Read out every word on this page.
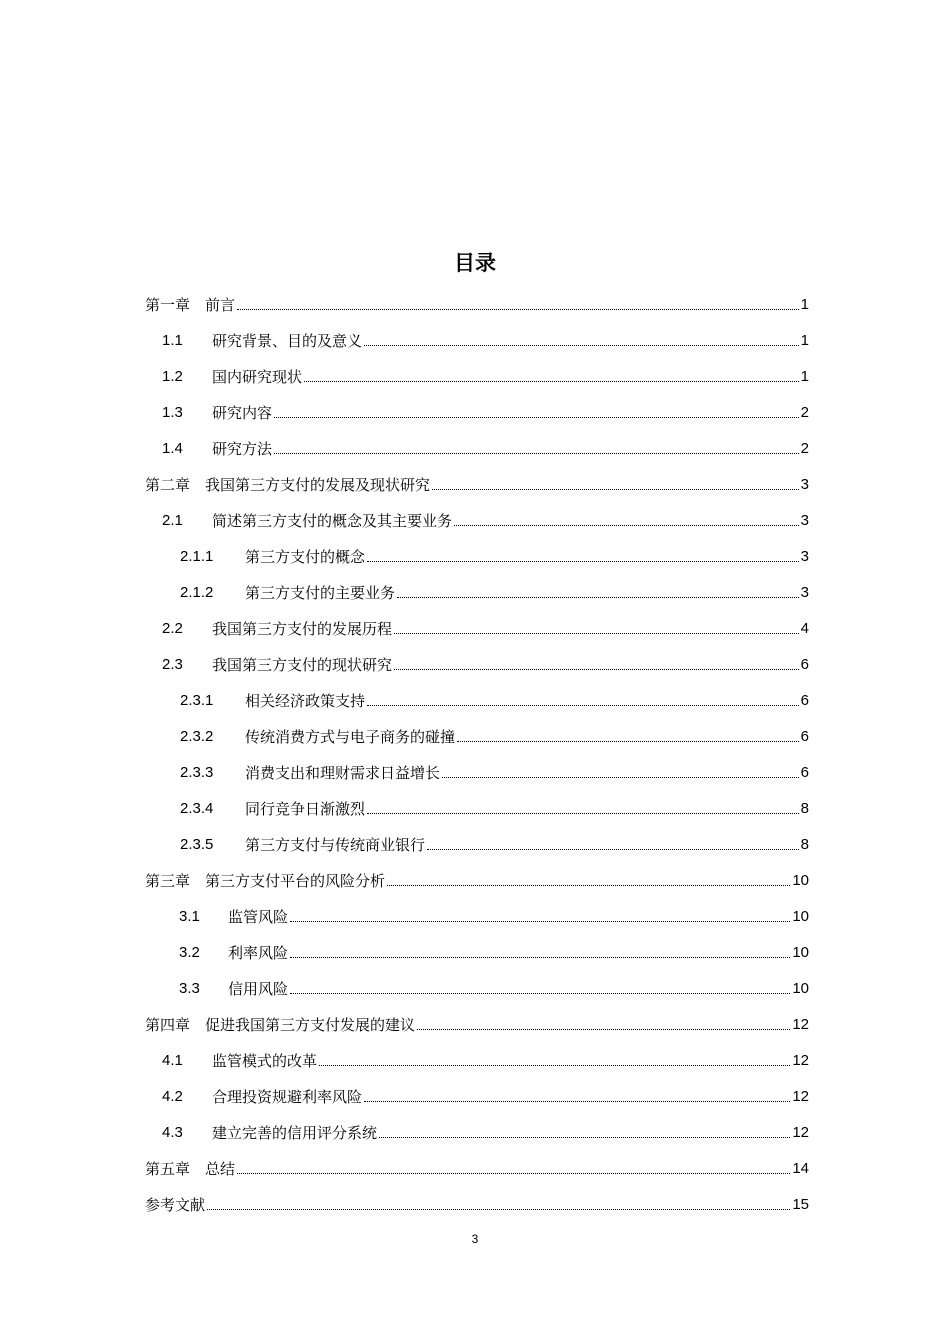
目录
第一章 前言	1
1.1	研究背景、目的及意义	1
1.2	国内研究现状	1
1.3	研究内容	2
1.4	研究方法	2
第二章 我国第三方支付的发展及现状研究	3
2.1	简述第三方支付的概念及其主要业务	3
2.1.1	第三方支付的概念	3
2.1.2	第三方支付的主要业务	3
2.2	我国第三方支付的发展历程	4
2.3	我国第三方支付的现状研究	6
2.3.1	相关经济政策支持	6
2.3.2	传统消费方式与电子商务的碰撞	6
2.3.3	消费支出和理财需求日益增长	6
2.3.4	同行竞争日渐激烈	8
2.3.5	第三方支付与传统商业银行	8
第三章 第三方支付平台的风险分析	10
3.1	监管风险	10
3.2	利率风险	10
3.3	信用风险	10
第四章 促进我国第三方支付发展的建议	12
4.1	监管模式的改革	12
4.2	合理投资规避利率风险	12
4.3	建立完善的信用评分系统	12
第五章 总结	14
参考文献	15
3
